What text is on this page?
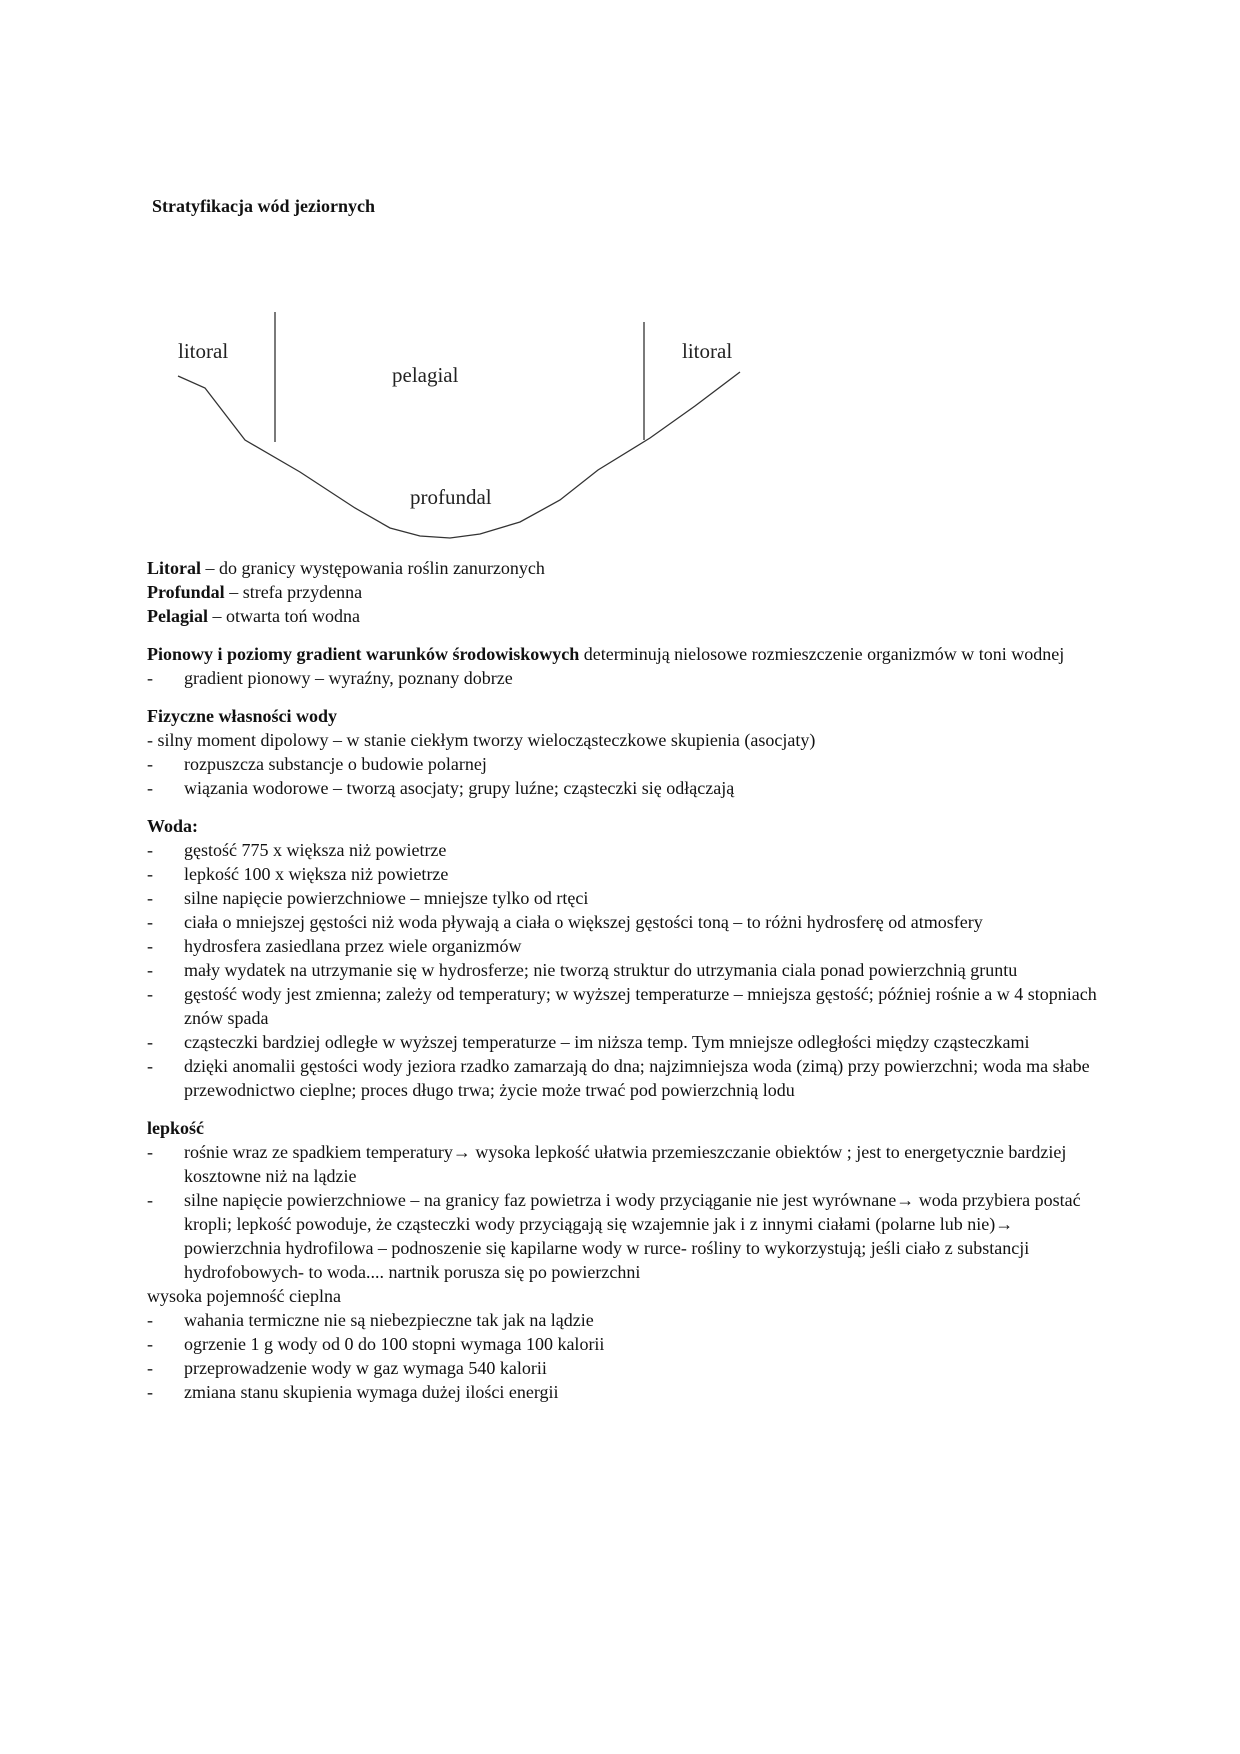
Stratyfikacja wód jeziornych
litoral	litoral
pelagial
profundal

Litoral – do granicy występowania roślin zanurzonych

Profundal – strefa przydenna

Pelagial – otwarta toń wodna

Pionowy i poziomy gradient warunków środowiskowych determinują nielosowe rozmieszczenie organizmów w toni wodnej

- gradient pionowy – wyraźny, poznany dobrze

Fizyczne własności wody

- silny moment dipolowy – w stanie ciekłym tworzy wielocząsteczkowe skupienia (asocjaty)

- rozpuszcza substancje o budowie polarnej
- wiązania wodorowe – tworzą asocjaty; grupy luźne; cząsteczki się odłączają

Woda:

- gęstość 775 x większa niż powietrze
- lepkość 100 x większa niż powietrze
- silne napięcie powierzchniowe – mniejsze tylko od rtęci
- ciała o mniejszej gęstości niż woda pływają a ciała o większej gęstości toną – to różni hydrosferę od atmosfery
- hydrosfera zasiedlana przez wiele organizmów
- mały wydatek na utrzymanie się w hydrosferze; nie tworzą struktur do utrzymania ciala ponad powierzchnią gruntu
- gęstość wody jest zmienna; zależy od temperatury; w wyższej temperaturze – mniejsza gęstość; później rośnie a w 4 stopniach znów spada
- cząsteczki bardziej odległe w wyższej temperaturze – im niższa temp. Tym mniejsze odległości między cząsteczkami
- dzięki anomalii gęstości wody jeziora rzadko zamarzają do dna; najzimniejsza woda (zimą) przy powierzchni; woda ma słabe przewodnictwo cieplne; proces długo trwa; życie może trwać pod powierzchnią lodu

lepkość

- rośnie wraz ze spadkiem temperatury→ wysoka lepkość ułatwia przemieszczanie obiektów ; jest to energetycznie bardziej kosztowne niż na lądzie
- silne napięcie powierzchniowe – na granicy faz powietrza i wody przyciąganie nie jest wyrównane→ woda przybiera postać kropli; lepkość powoduje, że cząsteczki wody przyciągają się wzajemnie jak i z innymi ciałami (polarne lub nie)→ powierzchnia hydrofilowa – podnoszenie się kapilarne wody w rurce- rośliny to wykorzystują; jeśli ciało z substancji hydrofobowych- to woda.... nartnik porusza się po powierzchni

wysoka pojemność cieplna

- wahania termiczne nie są niebezpieczne tak jak na lądzie
- ogrzenie 1 g wody od 0 do 100 stopni wymaga 100 kalorii
- przeprowadzenie wody w gaz wymaga 540 kalorii
- zmiana stanu skupienia wymaga dużej ilości energii
